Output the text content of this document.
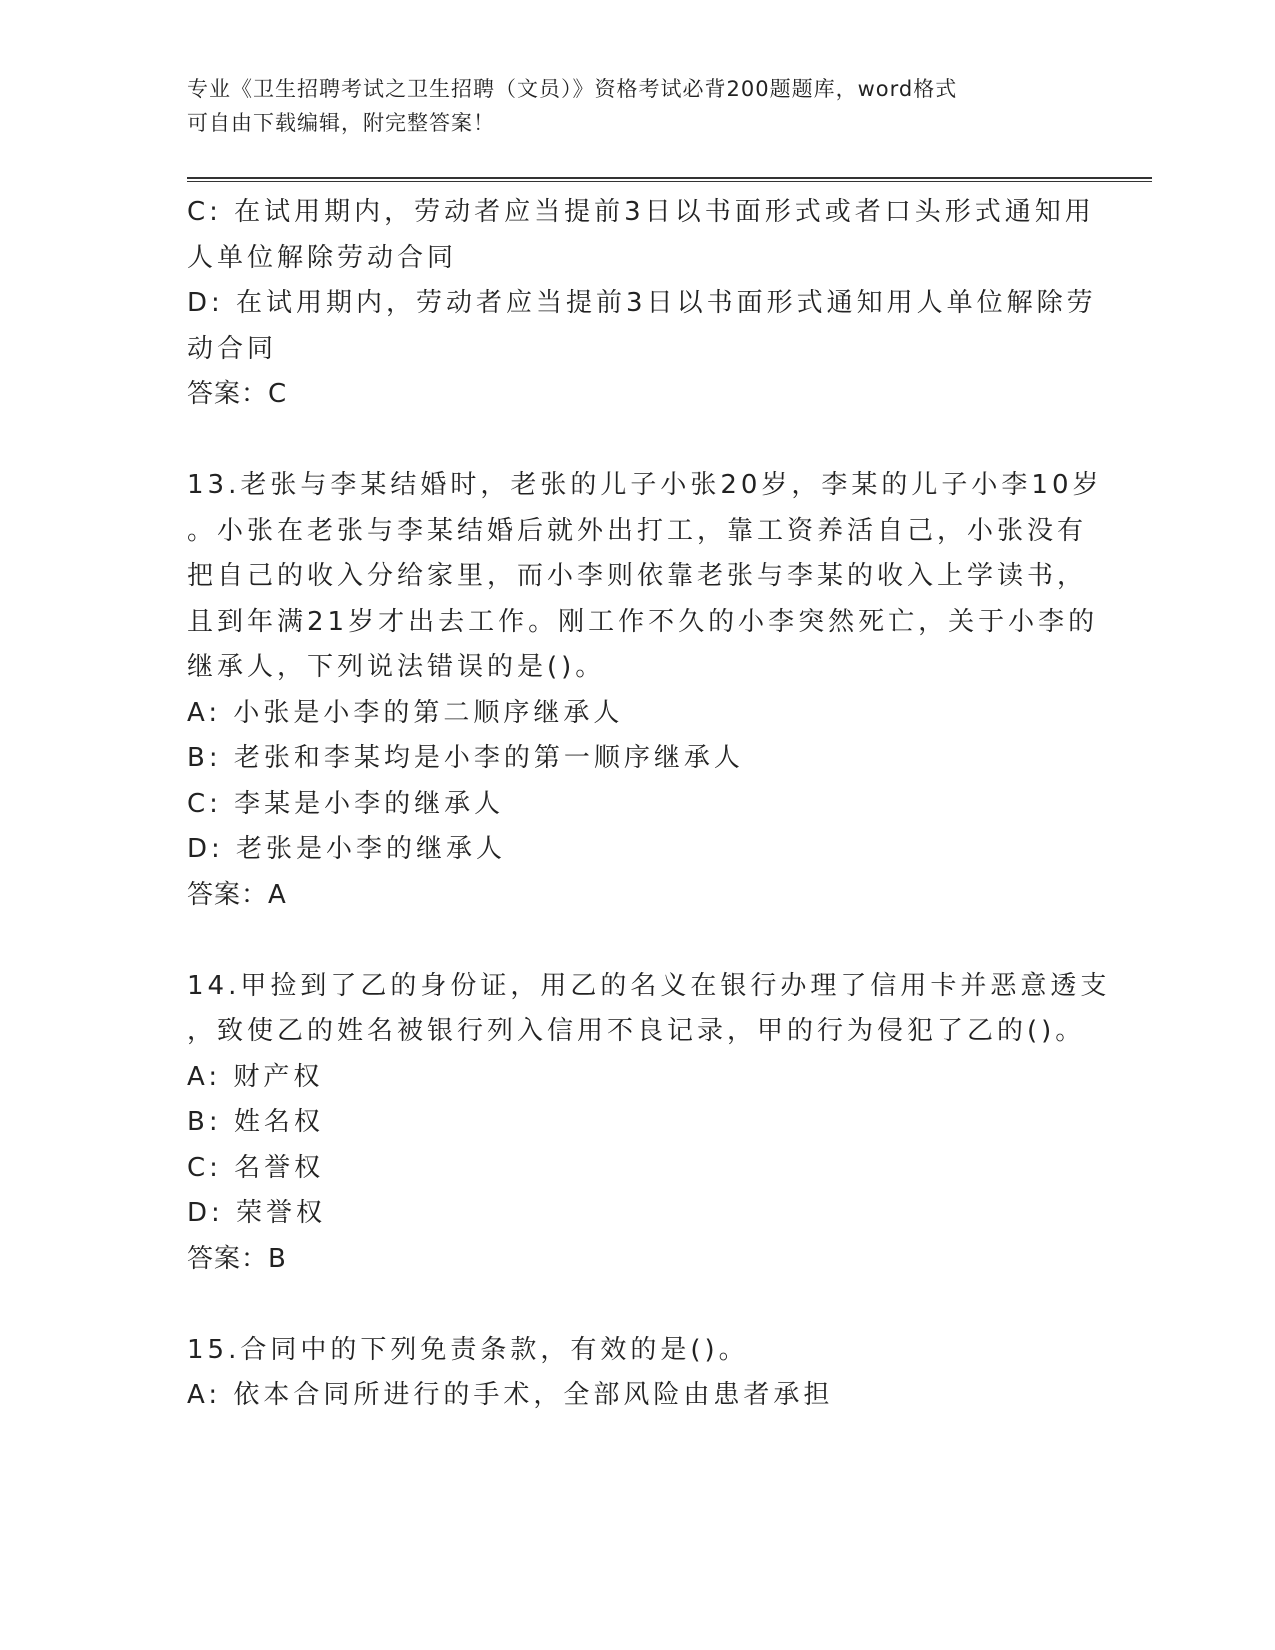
专业《卫生招聘考试之卫生招聘（文员）》资格考试必背200题题库，word格式
可自由下载编辑，附完整答案！
C: 在试用期内，劳动者应当提前3日以书面形式或者口头形式通知用
人单位解除劳动合同
D: 在试用期内，劳动者应当提前3日以书面形式通知用人单位解除劳
动合同
答案：C
13.老张与李某结婚时，老张的儿子小张20岁，李某的儿子小李10岁
。小张在老张与李某结婚后就外出打工，靠工资养活自己，小张没有
把自己的收入分给家里，而小李则依靠老张与李某的收入上学读书，
且到年满21岁才出去工作。刚工作不久的小李突然死亡，关于小李的
继承人，下列说法错误的是()。
A: 小张是小李的第二顺序继承人
B: 老张和李某均是小李的第一顺序继承人
C: 李某是小李的继承人
D: 老张是小李的继承人
答案：A
14.甲捡到了乙的身份证，用乙的名义在银行办理了信用卡并恶意透支
，致使乙的姓名被银行列入信用不良记录，甲的行为侵犯了乙的()。
A: 财产权
B: 姓名权
C: 名誉权
D: 荣誉权
答案：B
15.合同中的下列免责条款，有效的是()。
A: 依本合同所进行的手术，全部风险由患者承担
